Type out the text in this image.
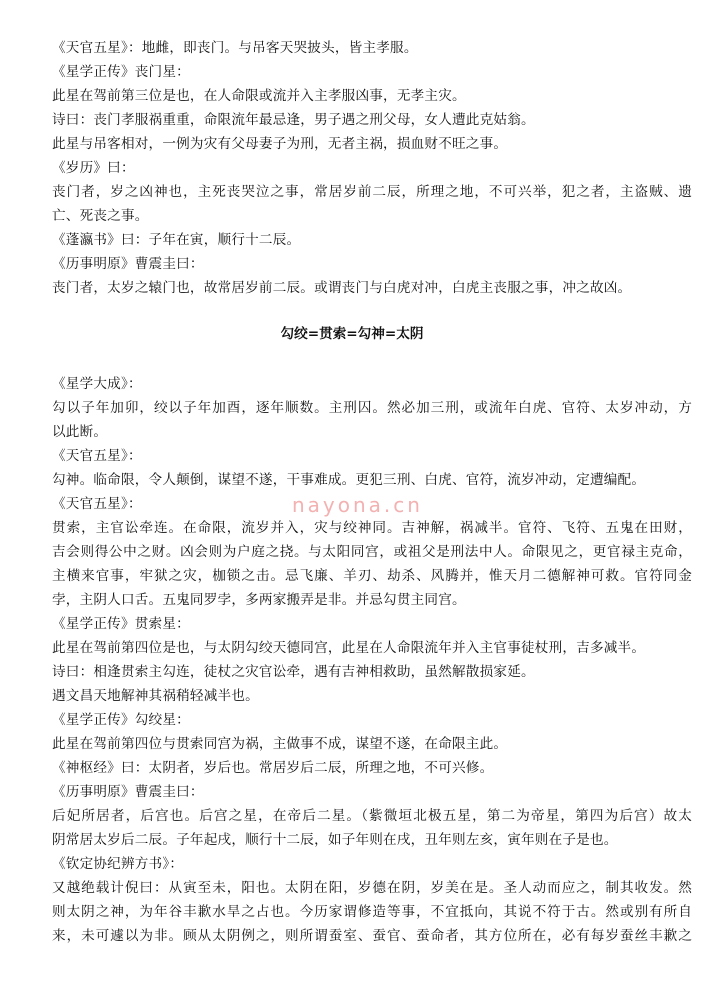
《天官五星》：地雌，即丧门。与吊客天哭披头，皆主孝服。
《星学正传》丧门星：
此星在驾前第三位是也，在人命限或流并入主孝服凶事，无孝主灾。
诗曰：丧门孝服祸重重，命限流年最忌逢，男子遇之刑父母，女人遭此克姑翁。
此星与吊客相对，一例为灾有父母妻子为刑，无者主祸，损血财不旺之事。
《岁历》曰：
丧门者，岁之凶神也，主死丧哭泣之事，常居岁前二辰，所理之地，不可兴举，犯之者，主盗贼、遗
亡、死丧之事。
《蓬瀛书》曰：子年在寅，顺行十二辰。
《历事明原》曹震圭曰：
丧门者，太岁之辕门也，故常居岁前二辰。或谓丧门与白虎对冲，白虎主丧服之事，冲之故凶。
勾绞=贯索=勾神=太阴
《星学大成》：
勾以子年加卯，绞以子年加酉，逐年顺数。主刑囚。然必加三刑，或流年白虎、官符、太岁冲动，方
以此断。
《天官五星》：
勾神。临命限，令人颠倒，谋望不遂，干事难成。更犯三刑、白虎、官符，流岁冲动，定遭编配。
《天官五星》：
贯索，主官讼牵连。在命限，流岁并入，灾与绞神同。吉神解，祸减半。官符、飞符、五鬼在田财，
吉会则得公中之财。凶会则为户庭之挠。与太阳同宫，或祖父是刑法中人。命限见之，更官禄主克命，
主横来官事，牢狱之灾，枷锁之击。忌飞廉、羊刃、劫杀、风腾并，惟天月二德解神可救。官符同金
孛，主阴人口舌。五鬼同罗孛，多两家搬弄是非。并忌勾贯主同宫。
《星学正传》贯索星：
此星在驾前第四位是也，与太阴勾绞天德同宫，此星在人命限流年并入主官事徒杖刑，吉多减半。
诗曰：相逢贯索主勾连，徒杖之灾官讼牵，遇有吉神相救助，虽然解散损家延。
遇文昌天地解神其祸稍轻减半也。
《星学正传》勾绞星：
此星在驾前第四位与贯索同宫为祸，主做事不成，谋望不遂，在命限主此。
《神枢经》曰：太阴者，岁后也。常居岁后二辰，所理之地，不可兴修。
《历事明原》曹震圭曰：
后妃所居者，后宫也。后宫之星，在帝后二星。（紫微垣北极五星，第二为帝星，第四为后宫）故太
阴常居太岁后二辰。子年起戌，顺行十二辰，如子年则在戌，丑年则左亥，寅年则在子是也。
《钦定协纪辨方书》：
又越绝载计倪曰：从寅至未，阳也。太阴在阳，岁德在阴，岁美在是。圣人动而应之，制其收发。然
则太阴之神，为年谷丰歉水旱之占也。今历家谓修造等事，不宜抵向，其说不符于古。然或别有所自
来，未可遽以为非。顾从太阴例之，则所谓蚕室、蚕官、蚕命者，其方位所在，必有每岁蚕丝丰歉之
nayona.cn
